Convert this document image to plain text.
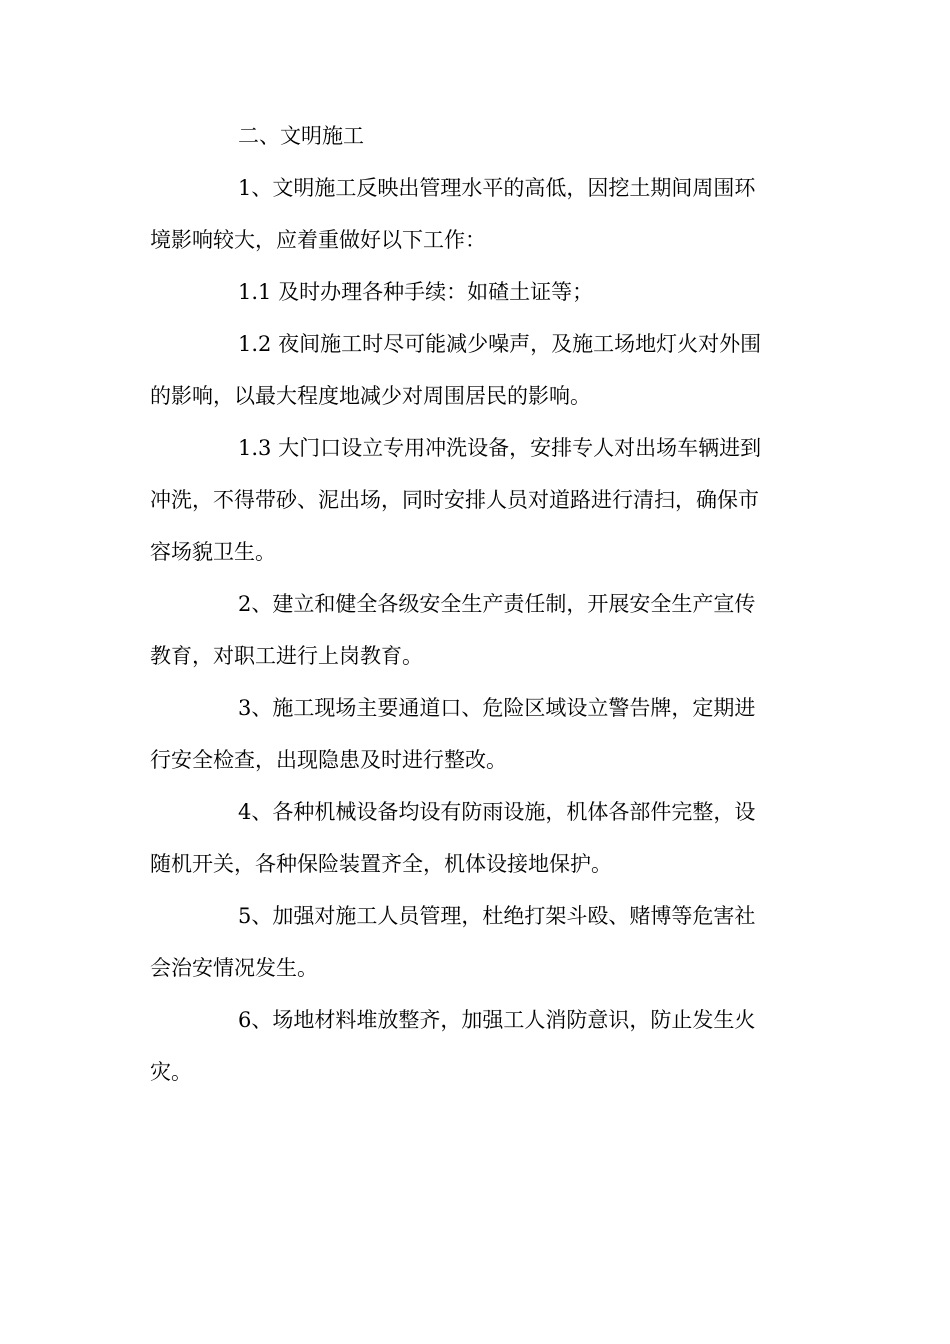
二、文明施工
1、文明施工反映出管理水平的高低，因挖土期间周围环
境影响较大，应着重做好以下工作：
1.1 及时办理各种手续：如碴土证等；
1.2 夜间施工时尽可能减少噪声，及施工场地灯火对外围
的影响，以最大程度地减少对周围居民的影响。
1.3 大门口设立专用冲洗设备，安排专人对出场车辆进到
冲洗，不得带砂、泥出场，同时安排人员对道路进行清扫，确保市
容场貌卫生。
2、建立和健全各级安全生产责任制，开展安全生产宣传
教育，对职工进行上岗教育。
3、施工现场主要通道口、危险区域设立警告牌，定期进
行安全检查，出现隐患及时进行整改。
4、各种机械设备均设有防雨设施，机体各部件完整，设
随机开关，各种保险装置齐全，机体设接地保护。
5、加强对施工人员管理，杜绝打架斗殴、赌博等危害社
会治安情况发生。
6、场地材料堆放整齐，加强工人消防意识，防止发生火
灾。
